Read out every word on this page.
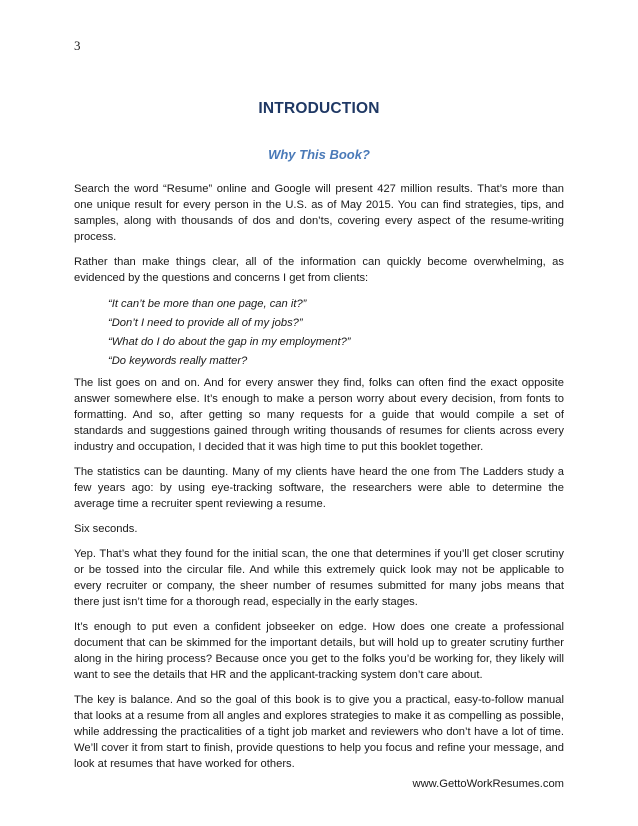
3
INTRODUCTION
Why This Book?

Search the word “Resume” online and Google will present 427 million results. That’s more than one unique result for every person in the U.S. as of May 2015. You can find strategies, tips, and samples, along with thousands of dos and don’ts, covering every aspect of the resume-writing process.

Rather than make things clear, all of the information can quickly become overwhelming, as evidenced by the questions and concerns I get from clients:

“It can’t be more than one page, can it?”
“Don’t I need to provide all of my jobs?”
“What do I do about the gap in my employment?”
“Do keywords really matter?

The list goes on and on. And for every answer they find, folks can often find the exact opposite answer somewhere else. It’s enough to make a person worry about every decision, from fonts to formatting. And so, after getting so many requests for a guide that would compile a set of standards and suggestions gained through writing thousands of resumes for clients across every industry and occupation, I decided that it was high time to put this booklet together.

The statistics can be daunting. Many of my clients have heard the one from The Ladders study a few years ago: by using eye-tracking software, the researchers were able to determine the average time a recruiter spent reviewing a resume.

Six seconds.

Yep. That’s what they found for the initial scan, the one that determines if you’ll get closer scrutiny or be tossed into the circular file. And while this extremely quick look may not be applicable to every recruiter or company, the sheer number of resumes submitted for many jobs means that there just isn’t time for a thorough read, especially in the early stages.

It’s enough to put even a confident jobseeker on edge. How does one create a professional document that can be skimmed for the important details, but will hold up to greater scrutiny further along in the hiring process? Because once you get to the folks you’d be working for, they likely will want to see the details that HR and the applicant-tracking system don’t care about.

The key is balance. And so the goal of this book is to give you a practical, easy-to-follow manual that looks at a resume from all angles and explores strategies to make it as compelling as possible, while addressing the practicalities of a tight job market and reviewers who don’t have a lot of time. We’ll cover it from start to finish, provide questions to help you focus and refine your message, and look at resumes that have worked for others.

www.GettoWorkResumes.com
